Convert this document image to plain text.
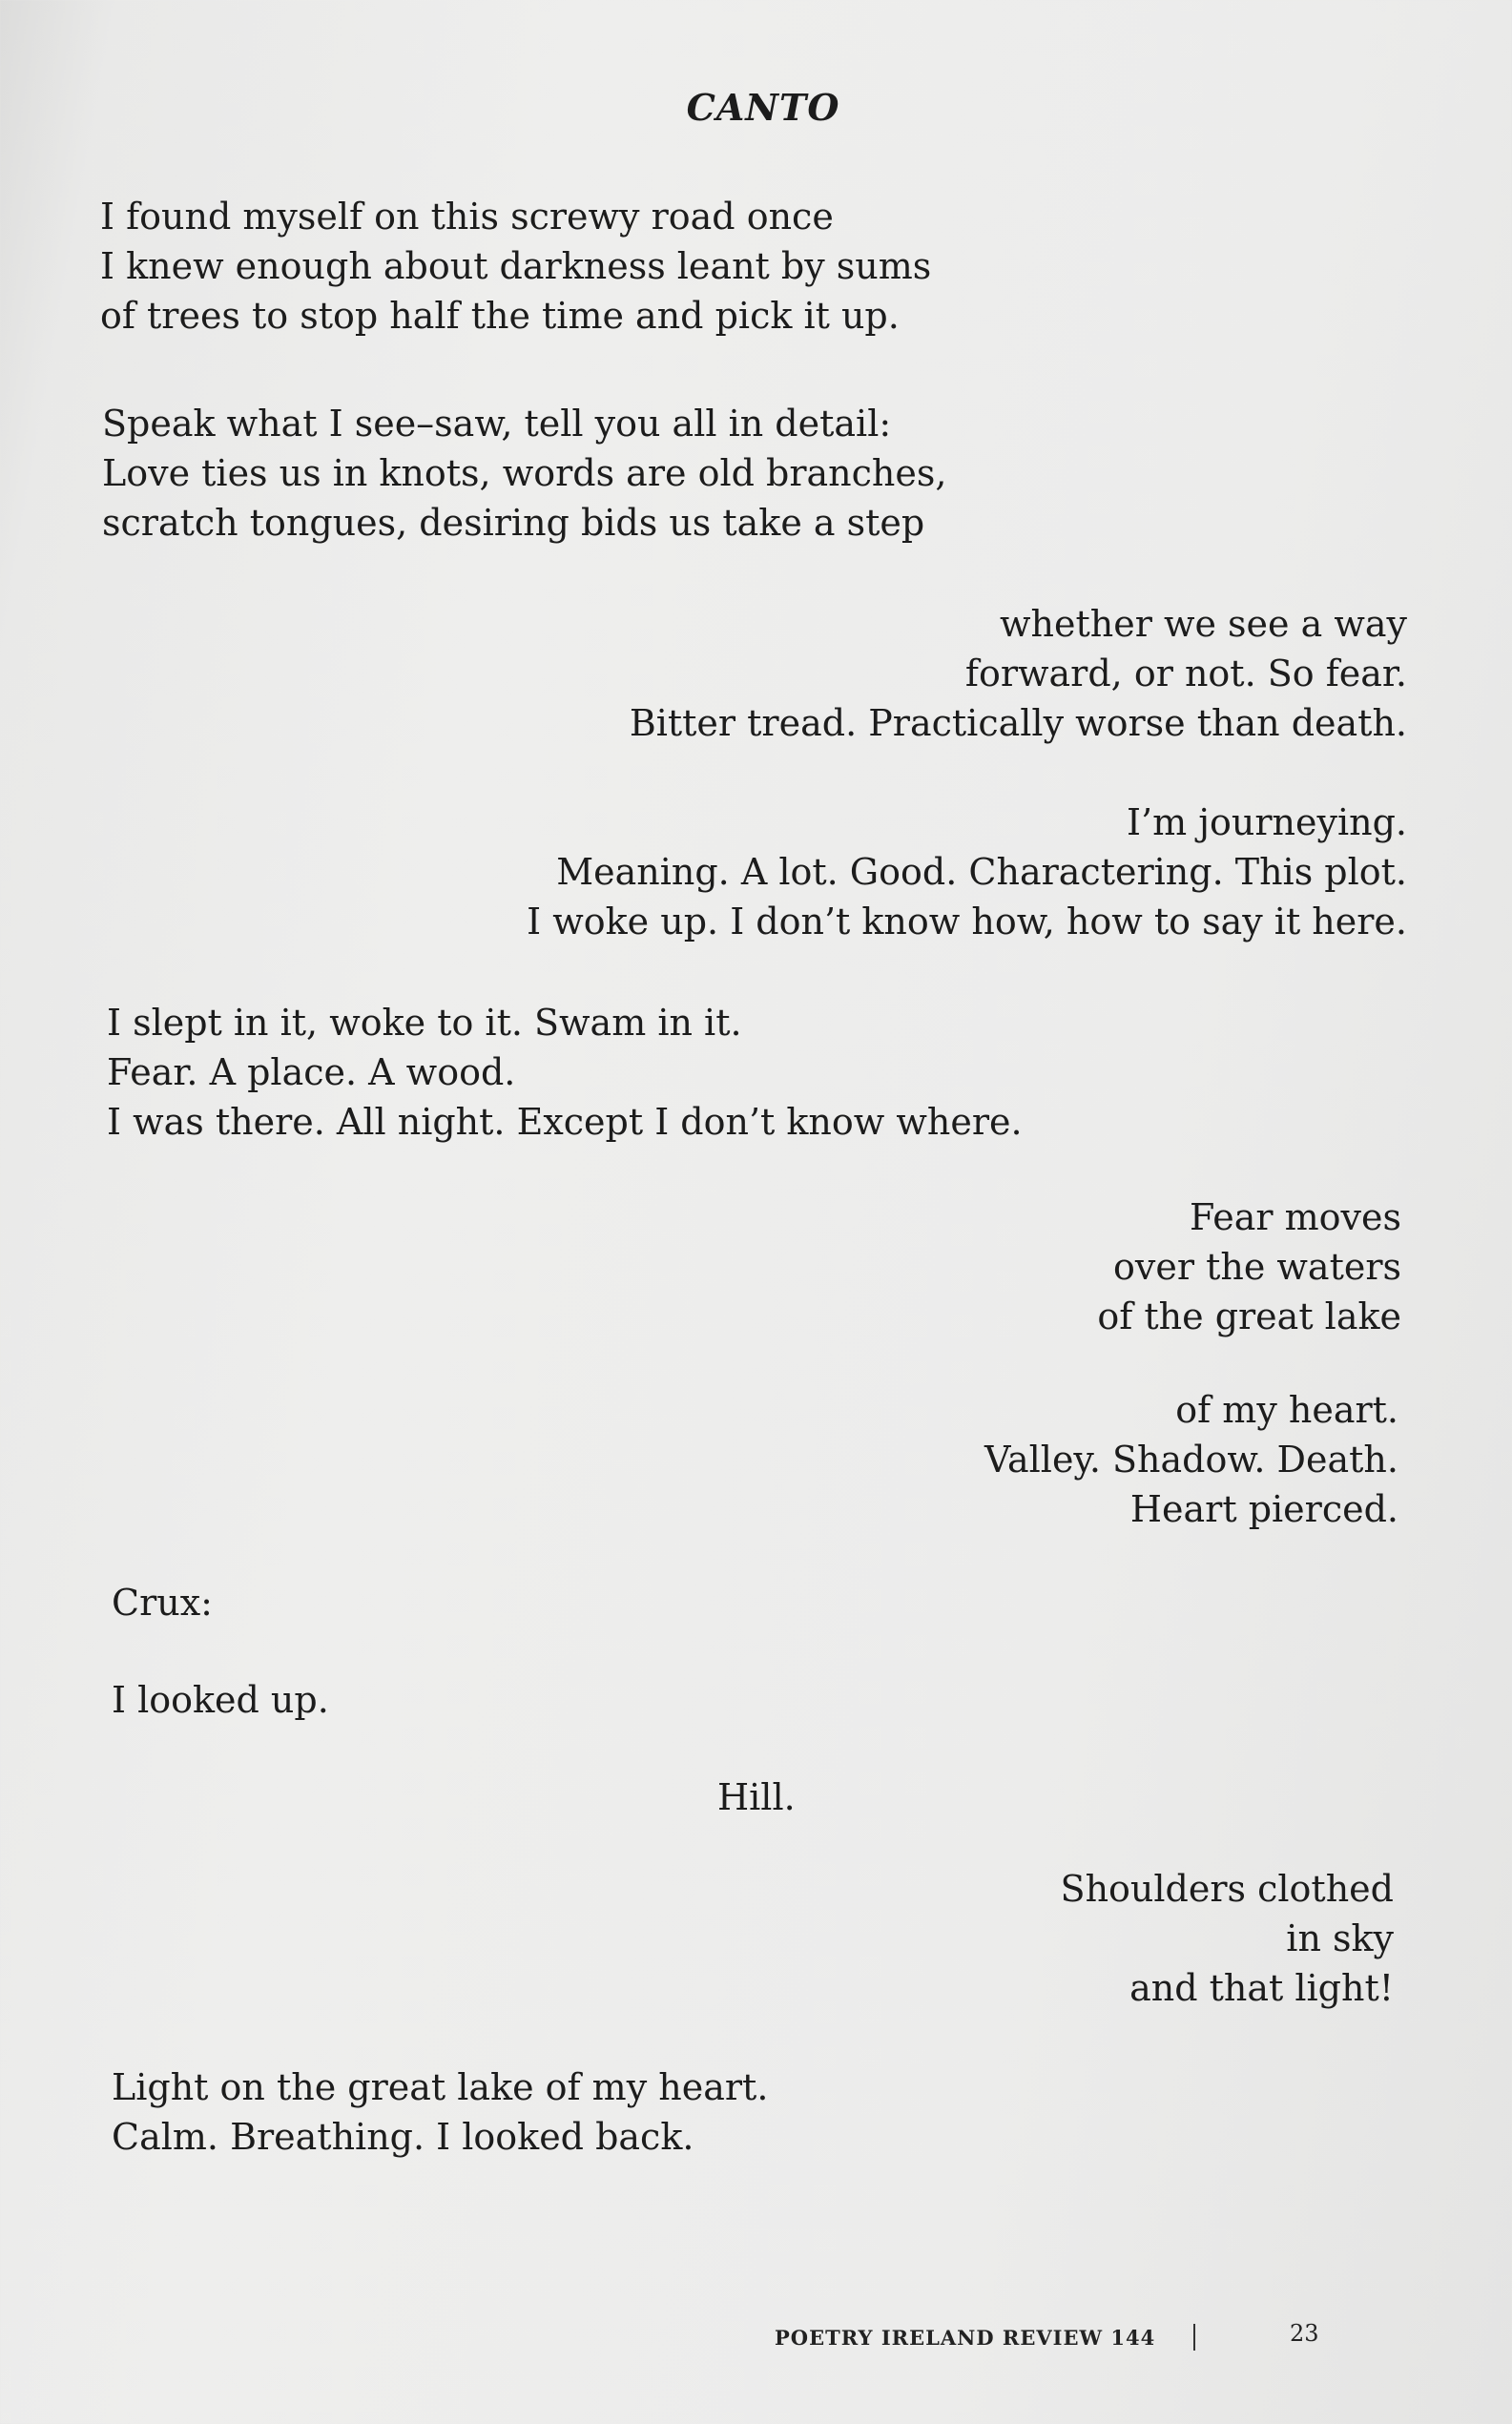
CANTO
I found myself on this screwy road once
I knew enough about darkness leant by sums
of trees to stop half the time and pick it up.
Speak what I see–saw, tell you all in detail:
Love ties us in knots, words are old branches,
scratch tongues, desiring bids us take a step
whether we see a way
forward, or not. So fear.
Bitter tread. Practically worse than death.
I’m journeying.
Meaning. A lot. Good. Charactering. This plot.
I woke up. I don’t know how, how to say it here.
I slept in it, woke to it. Swam in it.
Fear. A place. A wood.
I was there. All night. Except I don’t know where.
Fear moves
over the waters
of the great lake
of my heart.
Valley. Shadow. Death.
Heart pierced.
Crux:
I looked up.
Hill.
Shoulders clothed
in sky
and that light!
Light on the great lake of my heart.
Calm. Breathing. I looked back.
POETRY IRELAND REVIEW 144	23
